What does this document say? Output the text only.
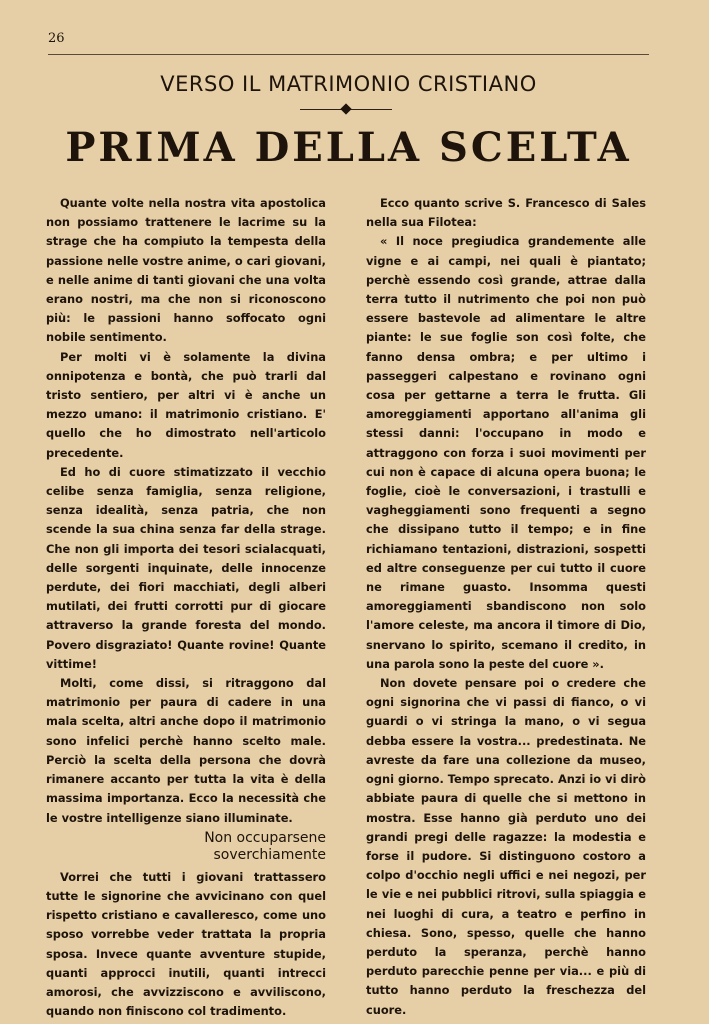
26
VERSO IL MATRIMONIO CRISTIANO
PRIMA DELLA SCELTA

Quante volte nella nostra vita apostolica non possiamo trattenere le lacrime su la strage che ha compiuto la tempesta della passione nelle vostre anime, o cari giovani, e nelle anime di tanti giovani che una volta erano nostri, ma che non si riconoscono più: le passioni hanno soffocato ogni nobile sentimento.

Per molti vi è solamente la divina onnipotenza e bontà, che può trarli dal tristo sentiero, per altri vi è anche un mezzo umano: il matrimonio cristiano. E' quello che ho dimostrato nell'articolo precedente.

Ed ho di cuore stimatizzato il vecchio celibe senza famiglia, senza religione, senza idealità, senza patria, che non scende la sua china senza far della strage. Che non gli importa dei tesori scialacquati, delle sorgenti inquinate, delle innocenze perdute, dei fiori macchiati, degli alberi mutilati, dei frutti corrotti pur di giocare attraverso la grande foresta del mondo. Povero disgraziato! Quante rovine! Quante vittime!

Molti, come dissi, si ritraggono dal matrimonio per paura di cadere in una mala scelta, altri anche dopo il matrimonio sono infelici perchè hanno scelto male. Perciò la scelta della persona che dovrà rimanere accanto per tutta la vita è della massima importanza. Ecco la necessità che le vostre intelligenze siano illuminate.

Non occuparsene
soverchiamente

Vorrei che tutti i giovani trattassero tutte le signorine che avvicinano con quel rispetto cristiano e cavalleresco, come uno sposo vorrebbe veder trattata la propria sposa. Invece quante avventure stupide, quanti approcci inutili, quanti intrecci amorosi, che avvizziscono e avviliscono, quando non finiscono col tradimento.

Ecco quanto scrive S. Francesco di Sales nella sua Filotea:

« Il noce pregiudica grandemente alle vigne e ai campi, nei quali è piantato; perchè essendo così grande, attrae dalla terra tutto il nutrimento che poi non può essere bastevole ad alimentare le altre piante: le sue foglie son così folte, che fanno densa ombra; e per ultimo i passeggeri calpestano e rovinano ogni cosa per gettarne a terra le frutta. Gli amoreggiamenti apportano all'anima gli stessi danni: l'occupano in modo e attraggono con forza i suoi movimenti per cui non è capace di alcuna opera buona; le foglie, cioè le conversazioni, i trastulli e vagheggiamenti sono frequenti a segno che dissipano tutto il tempo; e in fine richiamano tentazioni, distrazioni, sospetti ed altre conseguenze per cui tutto il cuore ne rimane guasto. Insomma questi amoreggiamenti sbandiscono non solo l'amore celeste, ma ancora il timore di Dio, snervano lo spirito, scemano il credito, in una parola sono la peste del cuore ».

Non dovete pensare poi o credere che ogni signorina che vi passi di fianco, o vi guardi o vi stringa la mano, o vi segua debba essere la vostra... predestinata. Ne avreste da fare una collezione da museo, ogni giorno. Tempo sprecato. Anzi io vi dirò abbiate paura di quelle che si mettono in mostra. Esse hanno già perduto uno dei grandi pregi delle ragazze: la modestia e forse il pudore. Si distinguono costoro a colpo d'occhio negli uffici e nei negozi, per le vie e nei pubblici ritrovi, sulla spiaggia e nei luoghi di cura, a teatro e perfino in chiesa. Sono, spesso, quelle che hanno perduto la speranza, perchè hanno perduto parecchie penne per via... e più di tutto hanno perduto la freschezza del cuore.
